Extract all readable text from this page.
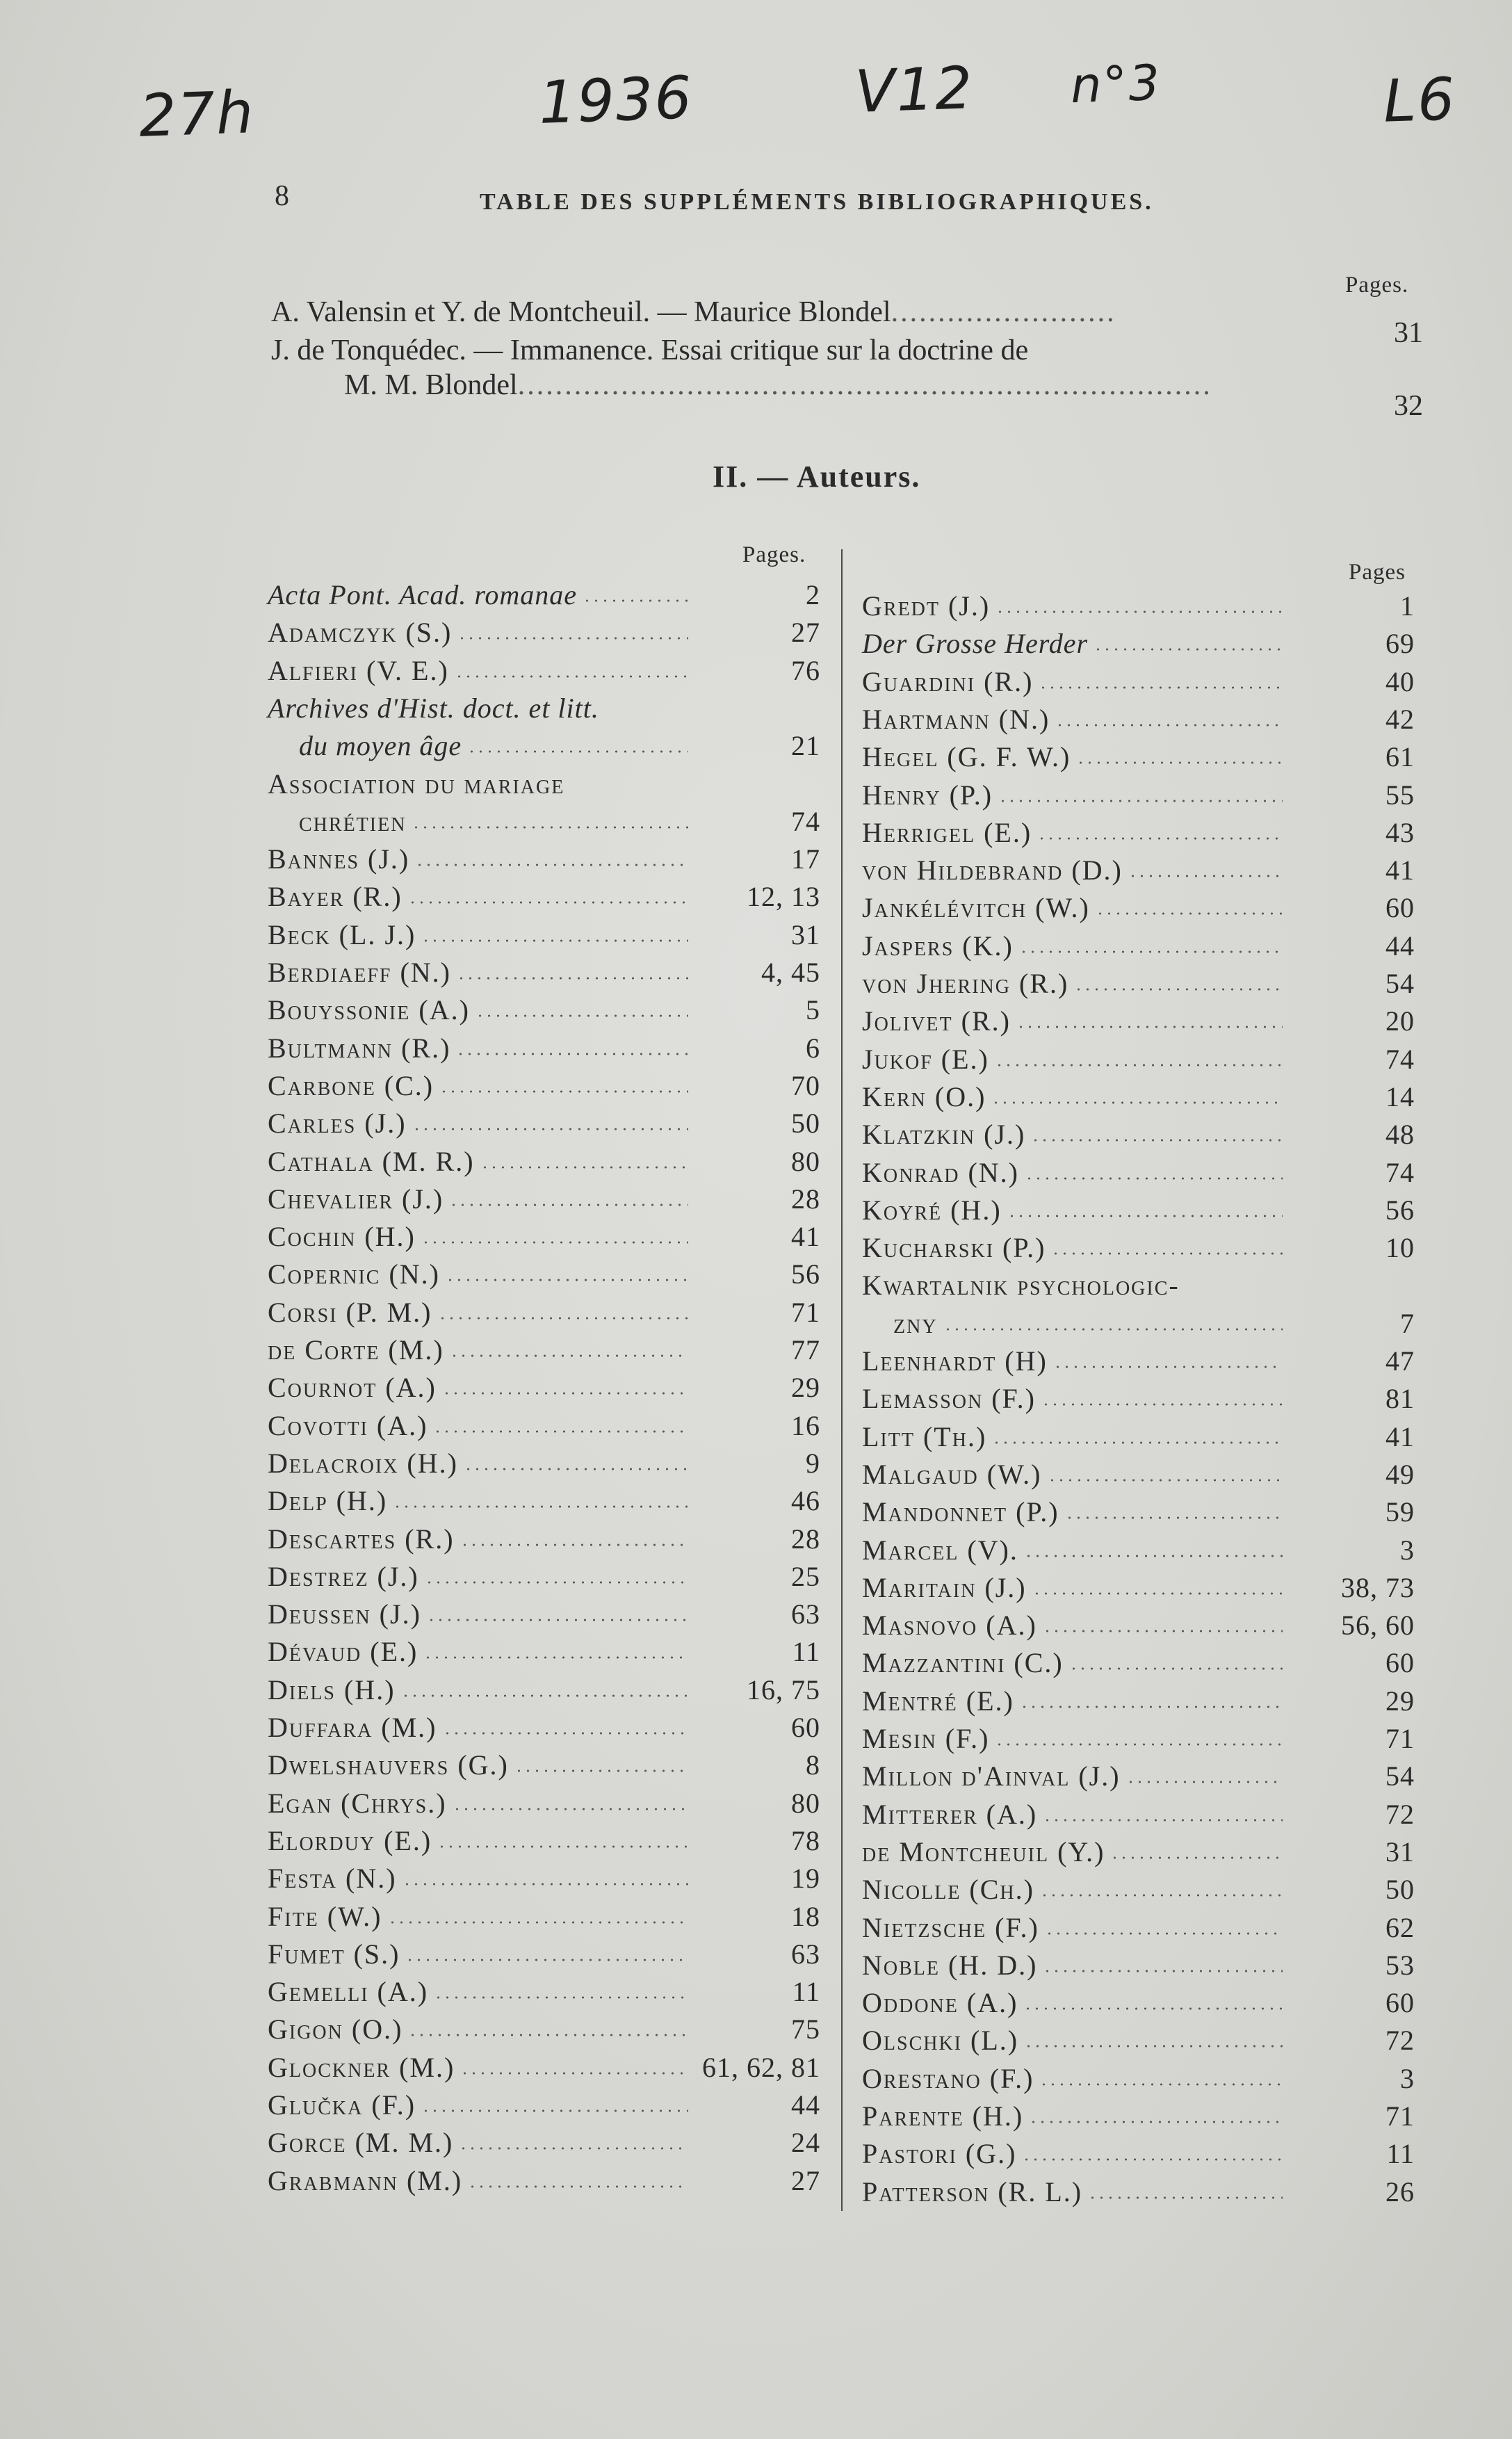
27h	1936	V12 n°3	L6
8	TABLE DES SUPPLÉMENTS BIBLIOGRAPHIQUES.
Pages.
A. Valensin et Y. de Montcheuil. — Maurice Blondel........................
31
J. de Tonquédec. — Immanence. Essai critique sur la doctrine de
M. M. Blondel..........................................................................
32
II. — Auteurs.
Pages.
Pages
Acta Pont. Acad. romanae	2
Adamczyk (S.)	27
Alfieri (V. E.)	76
Archives d'Hist. doct. et litt.
du moyen âge	21
Association du mariage
chrétien	74
Bannes (J.)	17
Bayer (R.)	12, 13
Beck (L. J.)	31
Berdiaeff (N.)	4, 45
Bouyssonie (A.)	5
Bultmann (R.)	6
Carbone (C.)	70
Carles (J.)	50
Cathala (M. R.)	80
Chevalier (J.)	28
Cochin (H.)	41
Copernic (N.)	56
Corsi (P. M.)	71
de Corte (M.)	77
Cournot (A.)	29
Covotti (A.)	16
Delacroix (H.)	9
Delp (H.)	46
Descartes (R.)	28
Destrez (J.)	25
Deussen (J.)	63
Dévaud (E.)	11
Diels (H.)	16, 75
Duffara (M.)	60
Dwelshauvers (G.)	8
Egan (Chrys.)	80
Elorduy (E.)	78
Festa (N.)	19
Fite (W.)	18
Fumet (S.)	63
Gemelli (A.)	11
Gigon (O.)	75
Glockner (M.)	61, 62, 81
Glučka (F.)	44
Gorce (M. M.)	24
Grabmann (M.)	27
Gredt (J.)	1
Der Grosse Herder	69
Guardini (R.)	40
Hartmann (N.)	42
Hegel (G. F. W.)	61
Henry (P.)	55
Herrigel (E.)	43
von Hildebrand (D.)	41
Jankélévitch (W.)	60
Jaspers (K.)	44
von Jhering (R.)	54
Jolivet (R.)	20
Jukof (E.)	74
Kern (O.)	14
Klatzkin (J.)	48
Konrad (N.)	74
Koyré (H.)	56
Kucharski (P.)	10
Kwartalnik psychologic-
zny	7
Leenhardt (H)	47
Lemasson (F.)	81
Litt (Th.)	41
Malgaud (W.)	49
Mandonnet (P.)	59
Marcel (V).	3
Maritain (J.)	38, 73
Masnovo (A.)	56, 60
Mazzantini (C.)	60
Mentré (E.)	29
Mesin (F.)	71
Millon d'Ainval (J.)	54
Mitterer (A.)	72
de Montcheuil (Y.)	31
Nicolle (Ch.)	50
Nietzsche (F.)	62
Noble (H. D.)	53
Oddone (A.)	60
Olschki (L.)	72
Orestano (F.)	3
Parente (H.)	71
Pastori (G.)	11
Patterson (R. L.)	26
